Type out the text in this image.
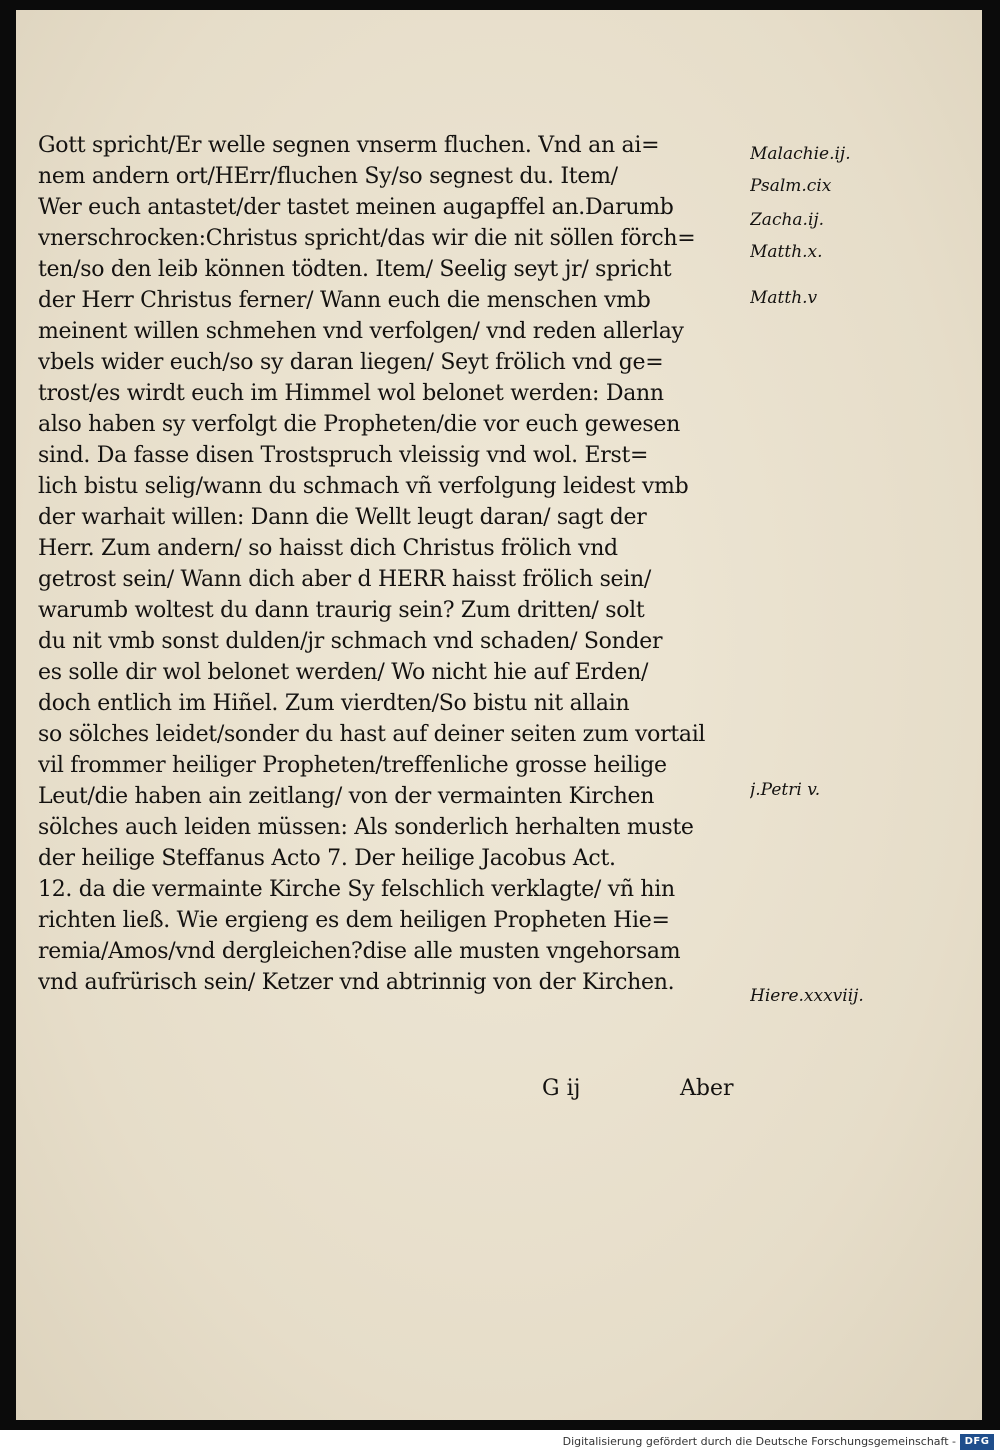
Gott spricht/Er welle segnen vnserm fluchen. Vnd an ai=
nem andern ort/HErr/fluchen Sy/so segnest du. Item/
Wer euch antastet/der tastet meinen augapffel an.Darumb
vnerschrocken:Christus spricht/das wir die nit söllen förch=
ten/so den leib können tödten. Item/ Seelig seyt jr/ spricht
der Herr Christus ferner/ Wann euch die menschen vmb
meinent willen schmehen vnd verfolgen/ vnd reden allerlay
vbels wider euch/so sy daran liegen/ Seyt frölich vnd ge=
trost/es wirdt euch im Himmel wol belonet werden: Dann
also haben sy verfolgt die Propheten/die vor euch gewesen
sind. Da fasse disen Trostspruch vleissig vnd wol. Erst=
lich bistu selig/wann du schmach vñ verfolgung leidest vmb
der warhait willen: Dann die Wellt leugt daran/ sagt der
Herr. Zum andern/ so haisst dich Christus frölich vnd
getrost sein/ Wann dich aber d HERR haisst frölich sein/
warumb woltest du dann traurig sein? Zum dritten/ solt
du nit vmb sonst dulden/jr schmach vnd schaden/ Sonder
es solle dir wol belonet werden/ Wo nicht hie auf Erden/
doch entlich im Hiñel. Zum vierdten/So bistu nit allain
so sölches leidet/sonder du hast auf deiner seiten zum vortail
vil frommer heiliger Propheten/treffenliche grosse heilige
Leut/die haben ain zeitlang/ von der vermainten Kirchen
sölches auch leiden müssen: Als sonderlich herhalten muste
der heilige Steffanus Acto 7. Der heilige Jacobus Act.
12. da die vermainte Kirche Sy felschlich verklagte/ vñ hin
richten ließ. Wie ergieng es dem heiligen Propheten Hie=
remia/Amos/vnd dergleichen?dise alle musten vngehorsam
vnd aufrürisch sein/ Ketzer vnd abtrinnig von der Kirchen.
Malachie.ij.
Psalm.cix
Zacha.ij.
Matth.x.
Matth.v
j.Petri v.
Hiere.xxxviij.
G ij	Aber
Digitalisierung gefördert durch die Deutsche Forschungsgemeinschaft - DFG
